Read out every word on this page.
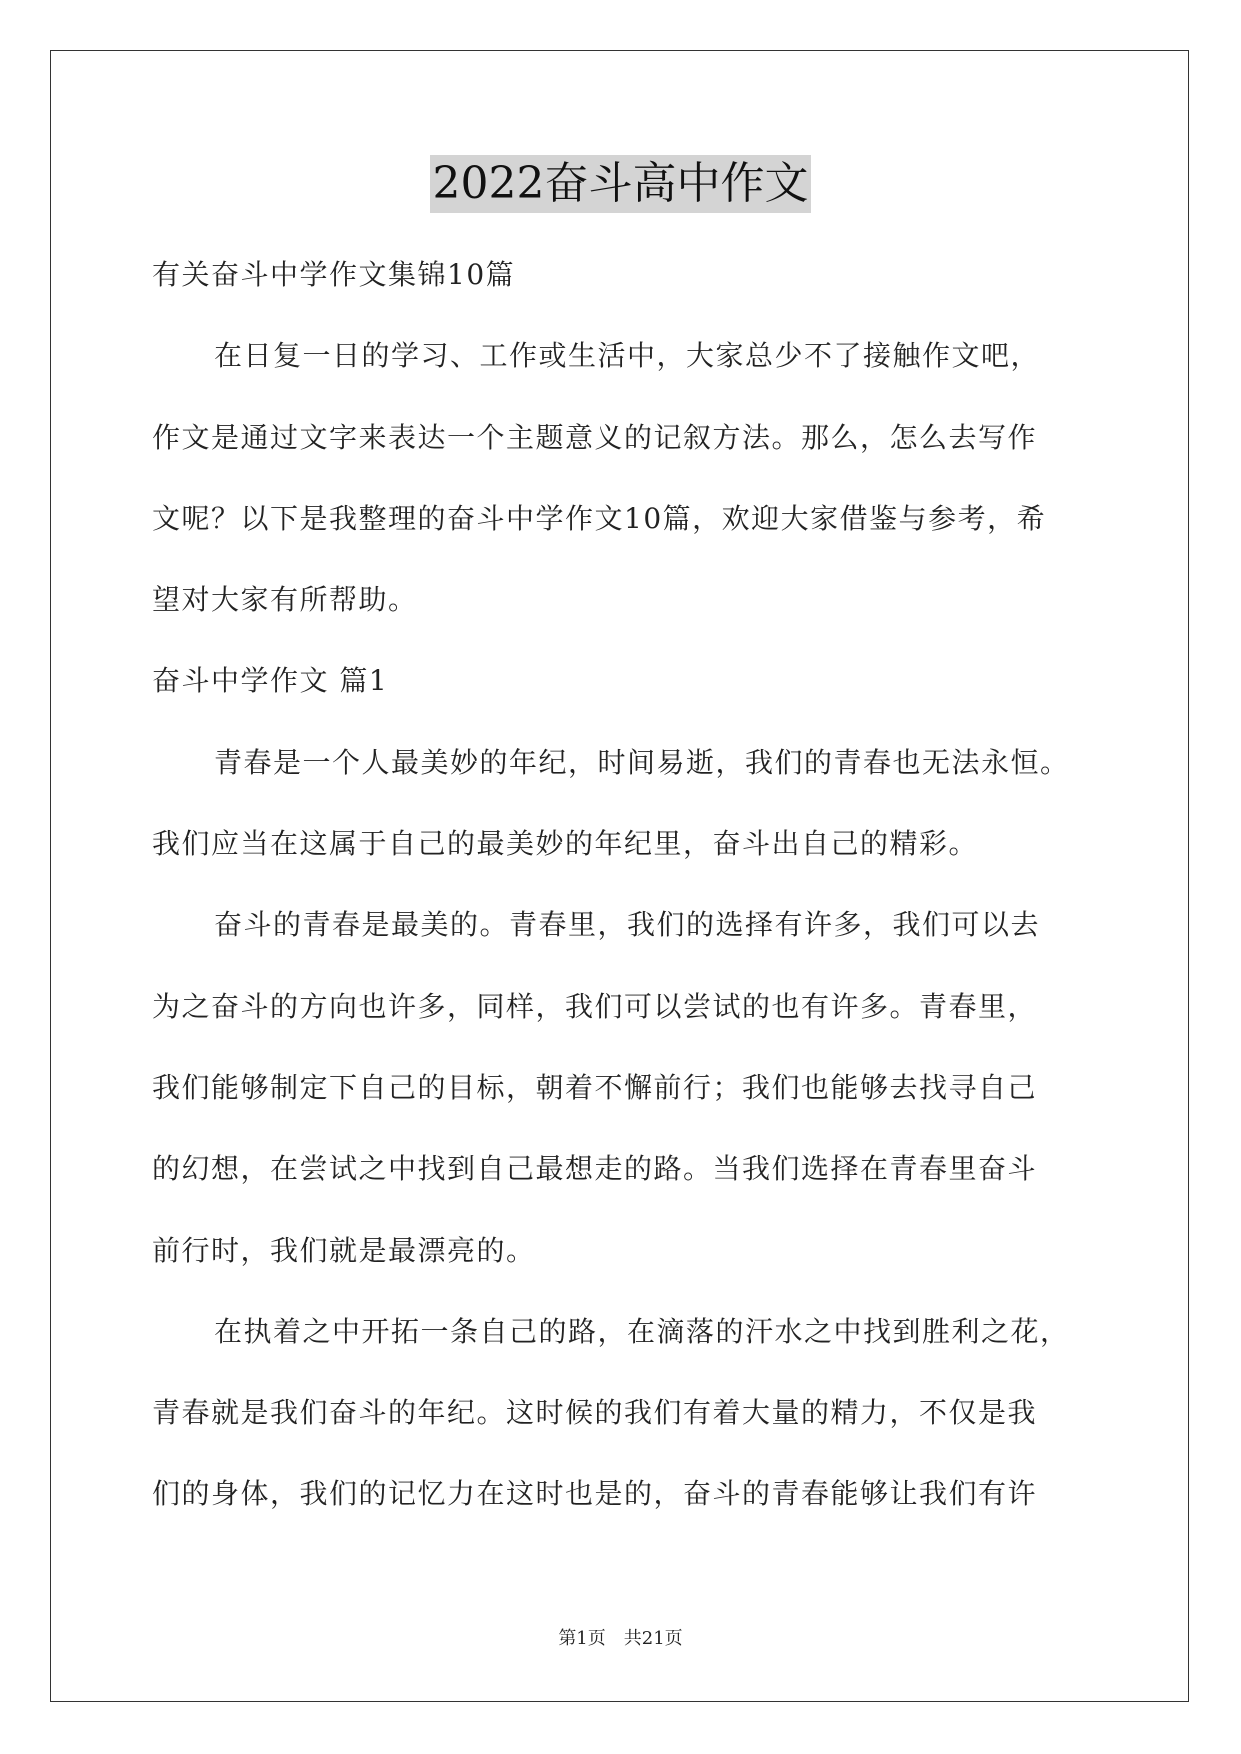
2022奋斗高中作文
有关奋斗中学作文集锦10篇
在日复一日的学习、工作或生活中，大家总少不了接触作文吧，
作文是通过文字来表达一个主题意义的记叙方法。那么，怎么去写作
文呢？以下是我整理的奋斗中学作文10篇，欢迎大家借鉴与参考，希
望对大家有所帮助。
奋斗中学作文 篇1
青春是一个人最美妙的年纪，时间易逝，我们的青春也无法永恒。
我们应当在这属于自己的最美妙的年纪里，奋斗出自己的精彩。
奋斗的青春是最美的。青春里，我们的选择有许多，我们可以去
为之奋斗的方向也许多，同样，我们可以尝试的也有许多。青春里，
我们能够制定下自己的目标，朝着不懈前行；我们也能够去找寻自己
的幻想，在尝试之中找到自己最想走的路。当我们选择在青春里奋斗
前行时，我们就是最漂亮的。
在执着之中开拓一条自己的路，在滴落的汗水之中找到胜利之花，
青春就是我们奋斗的年纪。这时候的我们有着大量的精力，不仅是我
们的身体，我们的记忆力在这时也是的，奋斗的青春能够让我们有许
第1页　共21页
